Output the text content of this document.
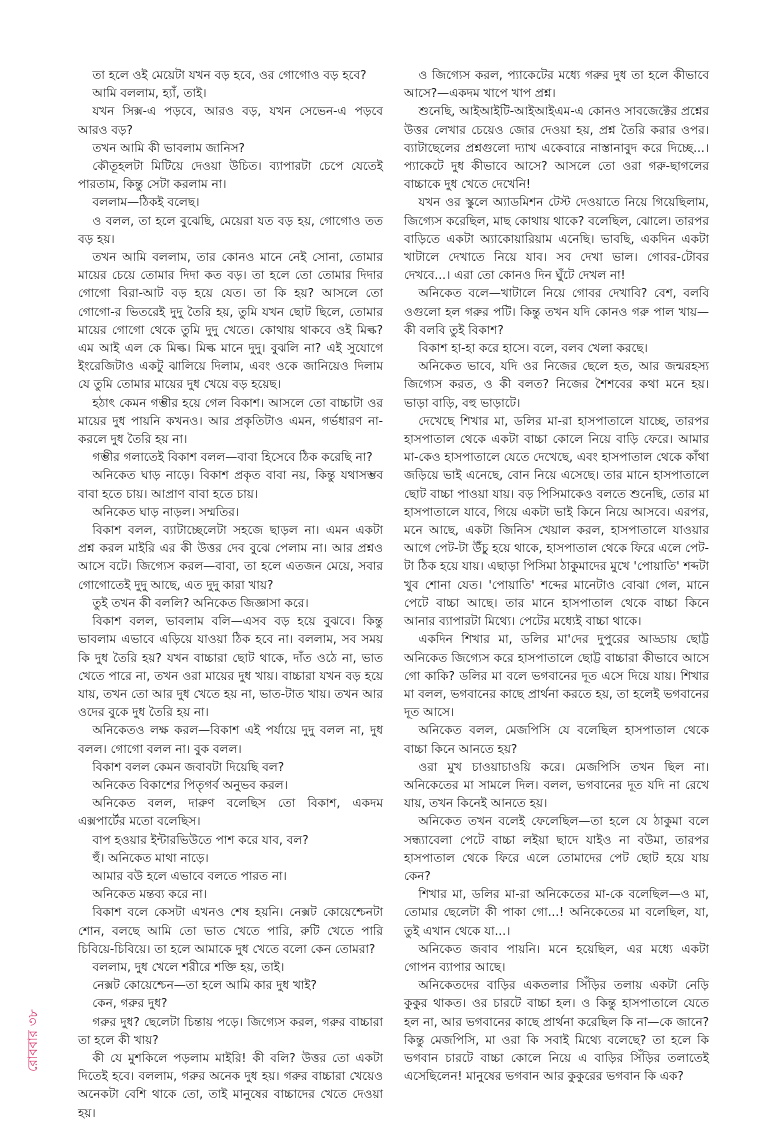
তা হলে ওই মেয়েটা যখন বড় হবে, ওর গোগোও বড় হবে?

আমি বললাম, হ্যাঁ, তাই।

যখন সিক্স-এ পড়বে, আরও বড়, যখন সেভেন-এ পড়বে আরও বড়?

তখন আমি কী ভাবলাম জানিস?

কৌতূহলটা মিটিয়ে দেওয়া উচিত। ব্যাপারটা চেপে যেতেই পারতাম, কিন্তু সেটা করলাম না।

বললাম—ঠিকই বলেছ।

ও বলল, তা হলে বুঝেছি, মেয়েরা যত বড় হয়, গোগোও তত বড় হয়।

তখন আমি বললাম, তার কোনও মানে নেই সোনা, তোমার মায়ের চেয়ে তোমার দিদা কত বড়। তা হলে তো তোমার দিদার গোগো বিরা-আট বড় হয়ে যেত। তা কি হয়? আসলে তো গোগো-র ভিতরেই দুদু তৈরি হয়, তুমি যখন ছোট ছিলে, তোমার মায়ের গোগো থেকে তুমি দুদু খেতে। কোথায় থাকবে ওই মিল্ক? এম আই এল কে মিল্ক। মিল্ক মানে দুদু। বুঝলি না? এই সুযোগে ইংরেজিটাও একটু ঝালিয়ে দিলাম, এবং ওকে জানিয়েও দিলাম যে তুমি তোমার মায়ের দুধ খেয়ে বড় হয়েছ।

হঠাৎ কেমন গম্ভীর হয়ে গেল বিকাশ। আসলে তো বাচ্চাটা ওর মায়ের দুধ পায়নি কখনও। আর প্রকৃতিটাও এমন, গর্ভধারণ না-করলে দুধ তৈরি হয় না।

গম্ভীর গলাতেই বিকাশ বলল—বাবা হিসেবে ঠিক করেছি না?

অনিকেত ঘাড় নাড়ে। বিকাশ প্রকৃত বাবা নয়, কিন্তু যথাসম্ভব বাবা হতে চায়। আপ্রাণ বাবা হতে চায়।

অনিকেত ঘাড় নাড়ল। সম্মতির।

বিকাশ বলল, ব্যাটাচ্ছেলেটা সহজে ছাড়ল না। এমন একটা প্রশ্ন করল মাইরি এর কী উত্তর দেব বুঝে পেলাম না। আর প্রশ্নও আসে বটে। জিগ্যেস করল—বাবা, তা হলে এতজন মেয়ে, সবার গোগোতেই দুদু আছে, এত দুদু কারা খায়?

তুই তখন কী বললি? অনিকেত জিজ্ঞাসা করে।

বিকাশ বলল, ভাবলাম বলি—এসব বড় হয়ে বুঝবে। কিন্তু ভাবলাম এভাবে এড়িয়ে যাওয়া ঠিক হবে না। বললাম, সব সময় কি দুধ তৈরি হয়? যখন বাচ্চারা ছোট থাকে, দাঁত ওঠে না, ভাত খেতে পারে না, তখন ওরা মায়ের দুধ খায়। বাচ্চারা যখন বড় হয়ে যায়, তখন তো আর দুধ খেতে হয় না, ভাত-টাত খায়। তখন আর ওদের বুকে দুধ তৈরি হয় না।

অনিকেতও লক্ষ করল—বিকাশ এই পর্যায়ে দুদু বলল না, দুধ বলল। গোগো বলল না। বুক বলল।

বিকাশ বলল কেমন জবাবটা দিয়েছি বল?

অনিকেত বিকাশের পিতৃগর্ব অনুভব করল।

অনিকেত বলল, দারুণ বলেছিস তো বিকাশ, একদম এক্সপার্টের মতো বলেছিস।

বাপ হওয়ার ইন্টারভিউতে পাশ করে যাব, বল?

হুঁ। অনিকেত মাথা নাড়ে।

আমার বউ হলে এভাবে বলতে পারত না।

অনিকেত মন্তব্য করে না।

বিকাশ বলে কেসটা এখনও শেষ হয়নি। নেক্সট কোয়েশ্চেনটা শোন, বলছে আমি তো ভাত খেতে পারি, রুটি খেতে পারি চিবিয়ে-চিবিয়ে। তা হলে আমাকে দুধ খেতে বলো কেন তোমরা?

বললাম, দুধ খেলে শরীরে শক্তি হয়, তাই।

নেক্সট কোয়েশ্চেন—তা হলে আমি কার দুধ খাই?

কেন, গরুর দুধ?

গরুর দুধ? ছেলেটা চিন্তায় পড়ে। জিগ্যেস করল, গরুর বাচ্চারা তা হলে কী খায়?

কী যে মুশকিলে পড়লাম মাইরি! কী বলি? উত্তর তো একটা দিতেই হবে। বললাম, গরুর অনেক দুধ হয়। গরুর বাচ্চারা খেয়েও অনেকটা বেশি থাকে তো, তাই মানুষের বাচ্চাদের খেতে দেওয়া হয়।

ও জিগ্যেস করল, প্যাকেটের মধ্যে গরুর দুধ তা হলে কীভাবে আসে?—একদম খাপে খাপ প্রশ্ন।

শুনেছি, আইআইটি-আইআইএম-এ কোনও সাবজেক্টের প্রশ্নের উত্তর লেখার চেয়েও জোর দেওয়া হয়, প্রশ্ন তৈরি করার ওপর। ব্যাটাছেলের প্রশ্নগুলো দ্যাখ একেবারে নাস্তানাবুদ করে দিচ্ছে...। প্যাকেটে দুধ কীভাবে আসে? আসলে তো ওরা গরু-ছাগলের বাচ্চাকে দুধ খেতে দেখেনি!

যখন ওর স্কুলে অ্যাডমিশন টেস্ট দেওয়াতে নিয়ে গিয়েছিলাম, জিগ্যেস করেছিল, মাছ কোথায় থাকে? বলেছিল, ঝোলে। তারপর বাড়িতে একটা অ্যাকোয়ারিয়াম এনেছি। ভাবছি, একদিন একটা খাটালে দেখাতে নিয়ে যাব। সব দেখা ভাল। গোবর-টোবর দেখবে...। এরা তো কোনও দিন ঘুঁটে দেখল না!

অনিকেত বলে—খাটালে নিয়ে গোবর দেখাবি? বেশ, বলবি ওগুলো হল গরুর পটি। কিন্তু তখন যদি কোনও গরু পাল খায়—কী বলবি তুই বিকাশ?

বিকাশ হা-হা করে হাসে। বলে, বলব খেলা করছে।

অনিকেত ভাবে, যদি ওর নিজের ছেলে হত, আর জন্মরহস্য জিগ্যেস করত, ও কী বলত? নিজের শৈশবের কথা মনে হয়। ভাড়া বাড়ি, বহু ভাড়াটে।

দেখেছে শিখার মা, ডলির মা-রা হাসপাতালে যাচ্ছে, তারপর হাসপাতাল থেকে একটা বাচ্চা কোলে নিয়ে বাড়ি ফেরে। আমার মা-কেও হাসপাতালে যেতে দেখেছে, এবং হাসপাতাল থেকে কাঁথা জড়িয়ে ভাই এনেছে, বোন নিয়ে এসেছে। তার মানে হাসপাতালে ছোট বাচ্চা পাওয়া যায়। বড় পিসিমাকেও বলতে শুনেছি, তোর মা হাসপাতালে যাবে, গিয়ে একটা ভাই কিনে নিয়ে আসবে। এরপর, মনে আছে, একটা জিনিস খেয়াল করল, হাসপাতালে যাওয়ার আগে পেট-টা উঁচু হয়ে থাকে, হাসপাতাল থেকে ফিরে এলে পেট-টা ঠিক হয়ে যায়। এছাড়া পিসিমা ঠাকুমাদের মুখে 'পোয়াতি' শব্দটা খুব শোনা যেত। 'পোয়াতি' শব্দের মানেটাও বোঝা গেল, মানে পেটে বাচ্চা আছে। তার মানে হাসপাতাল থেকে বাচ্চা কিনে আনার ব্যাপারটা মিথ্যে। পেটের মধ্যেই বাচ্চা থাকে।

একদিন শিখার মা, ডলির মা'দের দুপুরের আড্ডায় ছোট্ট অনিকেত জিগ্যেস করে হাসপাতালে ছোট্ট বাচ্চারা কীভাবে আসে গো কাকি? ডলির মা বলে ভগবানের দূত এসে দিয়ে যায়। শিখার মা বলল, ভগবানের কাছে প্রার্থনা করতে হয়, তা হলেই ভগবানের দূত আসে।

অনিকেত বলল, মেজপিসি যে বলেছিল হাসপাতাল থেকে বাচ্চা কিনে আনতে হয়?

ওরা মুখ চাওয়াচাওয়ি করে। মেজপিসি তখন ছিল না। অনিকেতের মা সামলে দিল। বলল, ভগবানের দূত যদি না রেখে যায়, তখন কিনেই আনতে হয়।

অনিকেত তখন বলেই ফেলেছিল—তা হলে যে ঠাকুমা বলে সন্ধ্যাবেলা পেটে বাচ্চা লইয়া ছাদে যাইও না বউমা, তারপর হাসপাতাল থেকে ফিরে এলে তোমাদের পেট ছোট হয়ে যায় কেন?

শিখার মা, ডলির মা-রা অনিকেতের মা-কে বলেছিল—ও মা, তোমার ছেলেটা কী পাকা গো...! অনিকেতের মা বলেছিল, যা, তুই এখান থেকে যা...।

অনিকেত জবাব পায়নি। মনে হয়েছিল, এর মধ্যে একটা গোপন ব্যাপার আছে।

অনিকেতদের বাড়ির একতলার সিঁড়ির তলায় একটা নেড়ি কুকুর থাকত। ওর চারটে বাচ্চা হল। ও কিন্তু হাসপাতালে যেতে হল না, আর ভগবানের কাছে প্রার্থনা করেছিল কি না—কে জানে? কিন্তু মেজপিসি, মা ওরা কি সবাই মিথ্যে বলেছে? তা হলে কি ভগবান চারটে বাচ্চা কোলে নিয়ে এ বাড়ির সিঁড়ির তলাতেই এসেছিলেন! মানুষের ভগবান আর কুকুরের ভগবান কি এক?

রোববার ৩৮
